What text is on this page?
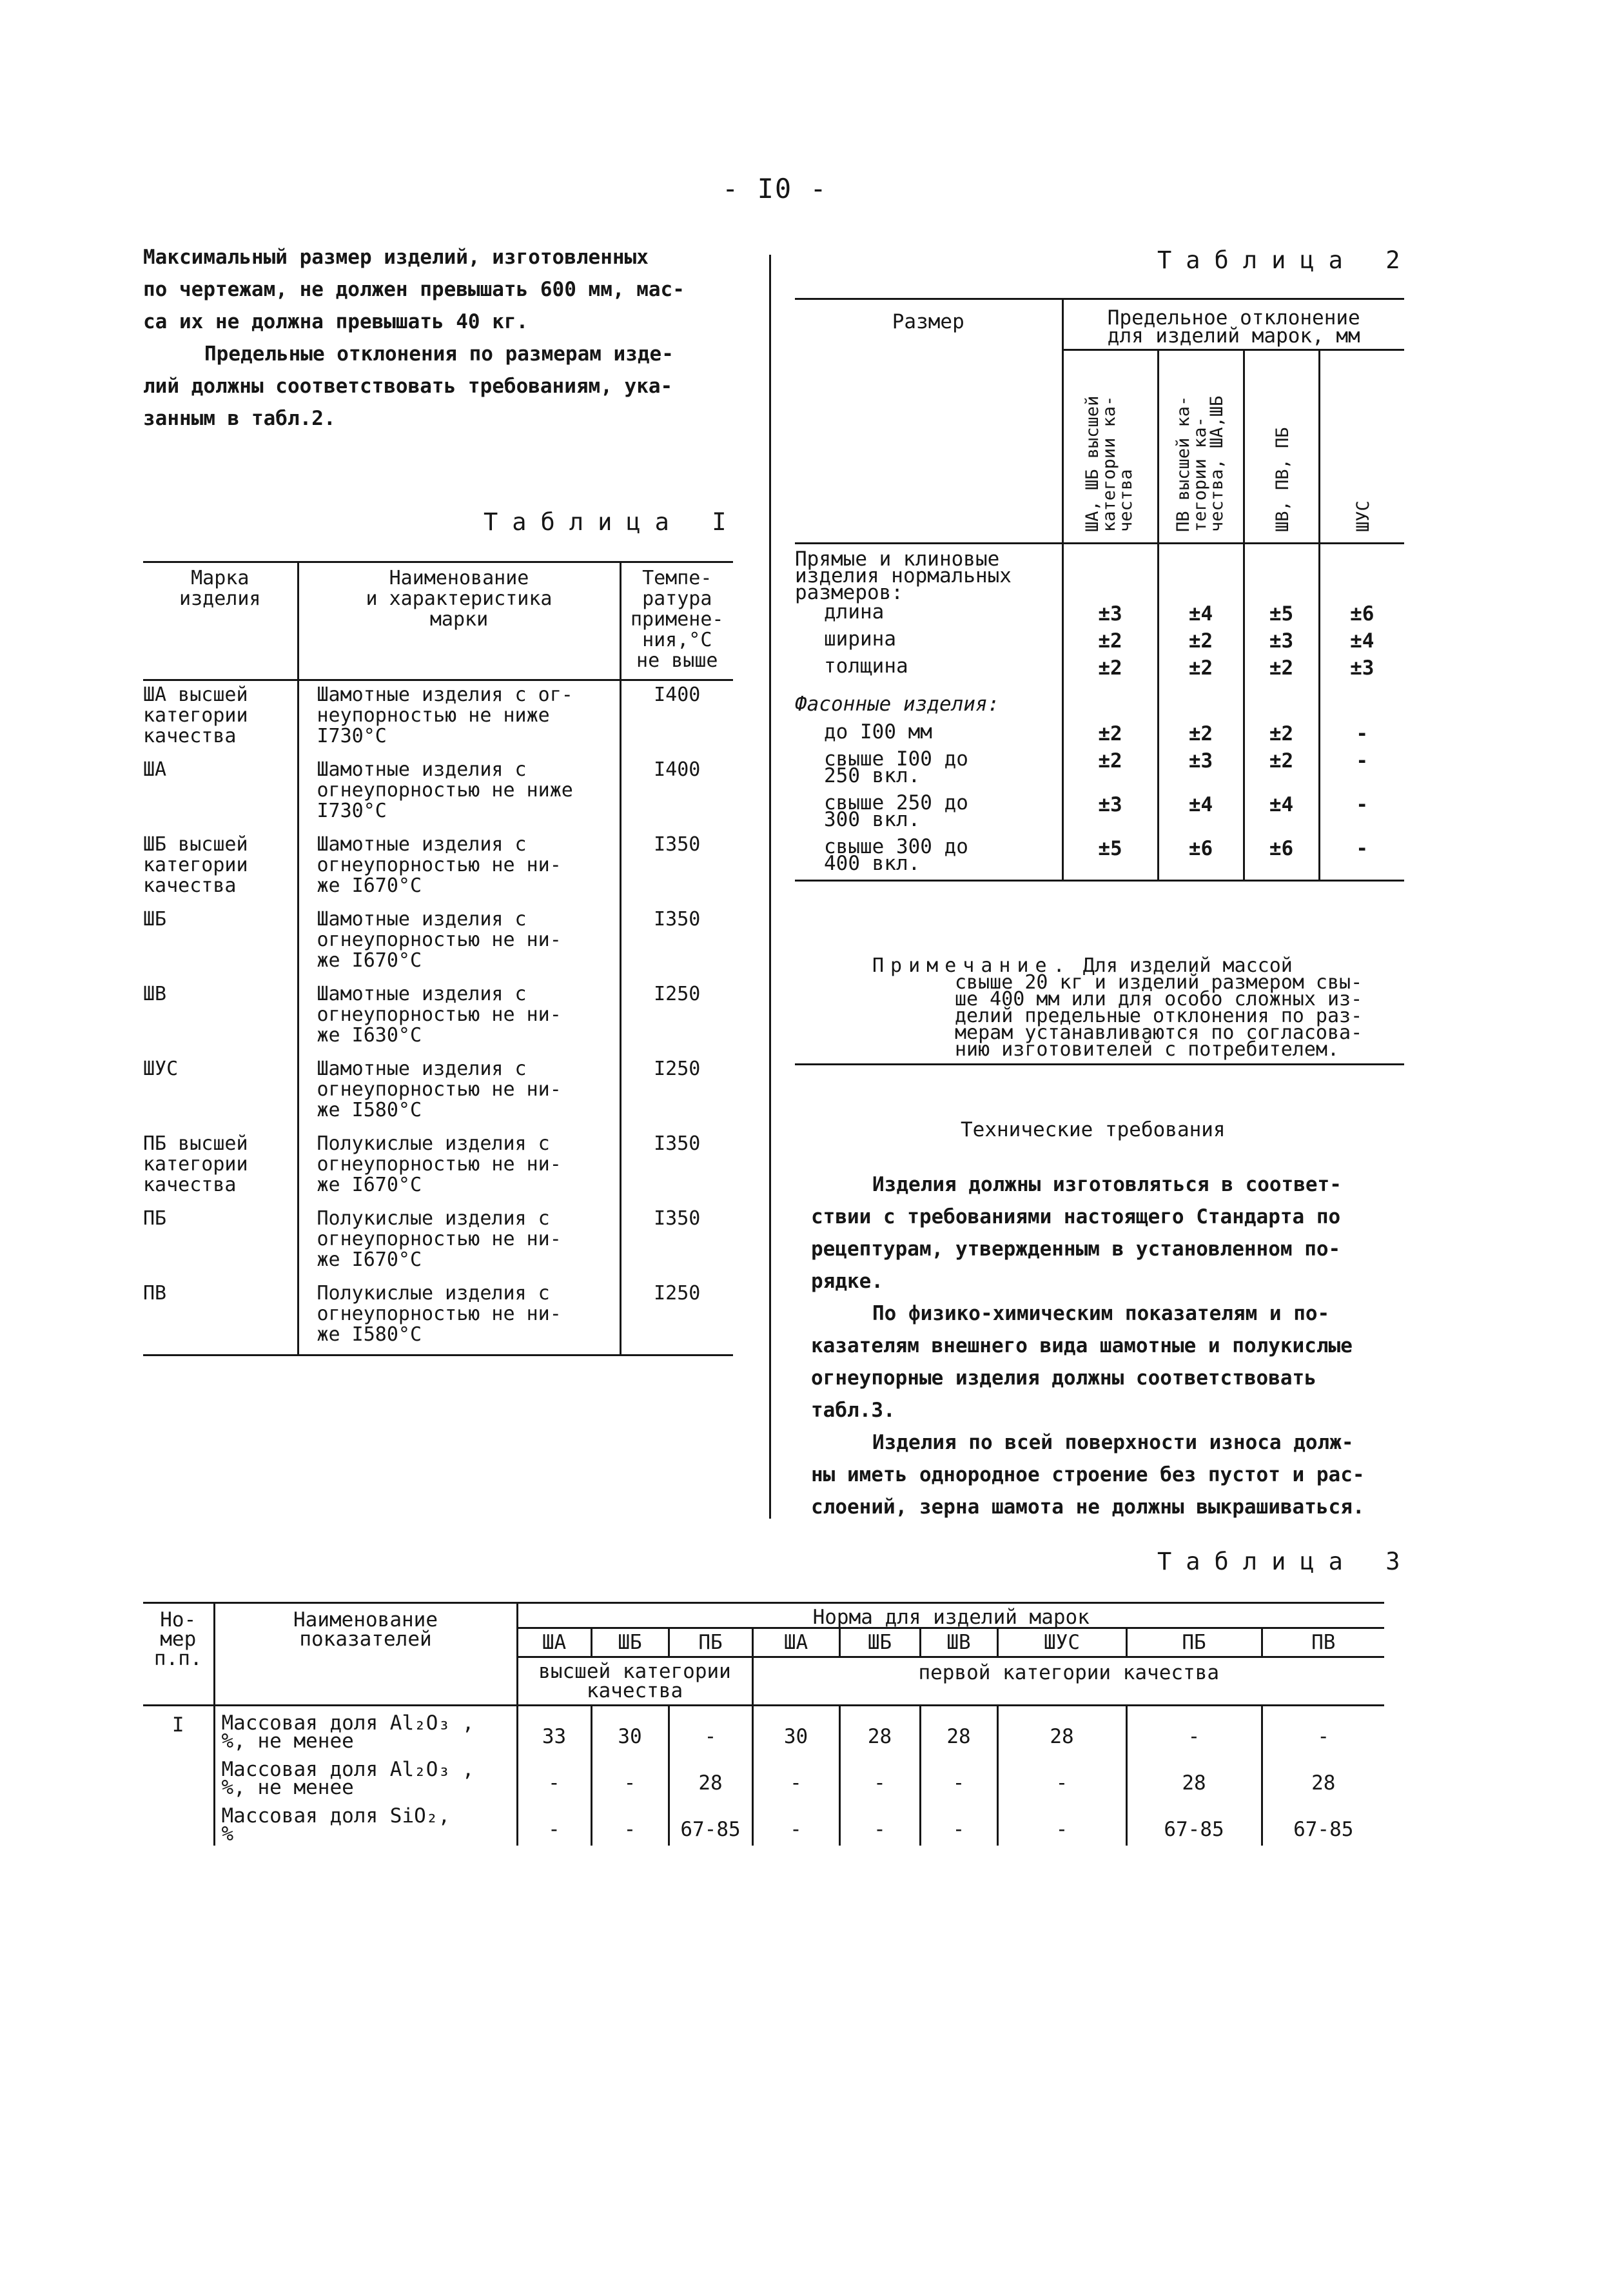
- I0 -

Максимальный размер изделий, изготовленных

по чертежам, не должен превышать 600 мм, мас-

са их не должна превышать 40 кг.

Предельные отклонения по размерам изде-

лий должны соответствовать требованиям, ука-

занным в табл.2.

Таблица I
Марка
изделия	Наименование
и характеристика
марки	Темпе-
ратура
примене-
ния,°С
не выше
ША высшей
категории
качества	Шамотные изделия с ог-
неупорностью не ниже
I730°С	I400
ША	Шамотные изделия с
огнеупорностью не ниже
I730°С	I400
ШБ высшей
категории
качества	Шамотные изделия с
огнеупорностью не ни-
же I670°С	I350
ШБ	Шамотные изделия с
огнеупорностью не ни-
же I670°С	I350
ШВ	Шамотные изделия с
огнеупорностью не ни-
же I630°С	I250
ШУС	Шамотные изделия с
огнеупорностью не ни-
же I580°С	I250
ПБ высшей
категории
качества	Полукислые изделия с
огнеупорностью не ни-
же I670°С	I350
ПБ	Полукислые изделия с
огнеупорностью не ни-
же I670°С	I350
ПВ	Полукислые изделия с
огнеупорностью не ни-
же I580°С	I250
Таблица 2
Размер	Предельное отклонение
для изделий марок, мм			

	ША, ШБ высшей
категории ка-
чества	ПВ высшей ка-
тегории ка-
чества, ША,ШБ	ШВ, ПВ, ПБ	ШУС

Прямые и клиновые
изделия нормальных
размеров:				
длина	±3	±4	±5	±6
ширина	±2	±2	±3	±4
толщина	±2	±2	±2	±3
Фасонные изделия:				
до I00 мм	±2	±2	±2	-
свыше I00 до
250 вкл.	±2	±3	±2	-
свыше 250 до
300 вкл.	±3	±4	±4	-
свыше 300 до
400 вкл.	±5	±6	±6	-
Примечание. Для изделий массой
свыше 20 кг и изделий размером свы-
ше 400 мм или для особо сложных из-
делий предельные отклонения по раз-
мерам устанавливаются по согласова-
нию изготовителей с потребителем.
Технические требования

Изделия должны изготовляться в соответ-

ствии с требованиями настоящего Стандарта по

рецептурам, утвержденным в установленном по-

рядке.

По физико-химическим показателям и по-

казателям внешнего вида шамотные и полукислые

огнеупорные изделия должны соответствовать

табл.3.

Изделия по всей поверхности износа долж-

ны иметь однородное строение без пустот и рас-

слоений, зерна шамота не должны выкрашиваться.

Таблица 3
Но-
мер
п.п.	Наименование
показателей	Норма для изделий марок								
		ША	ШБ	ПБ	ША	ШБ	ШВ	ШУС	ПБ	ПВ
		высшей категории
качества			первой категории качества					
I	Массовая доля Al₂O₃ ,
%, не менее	33	30	-	30	28	28	28	-	-
	Массовая доля Al₂O₃ ,
%, не менее	-	-	28	-	-	-	-	28	28
	Массовая доля SiO₂,
%	-	-	67-85	-	-	-	-	67-85	67-85
